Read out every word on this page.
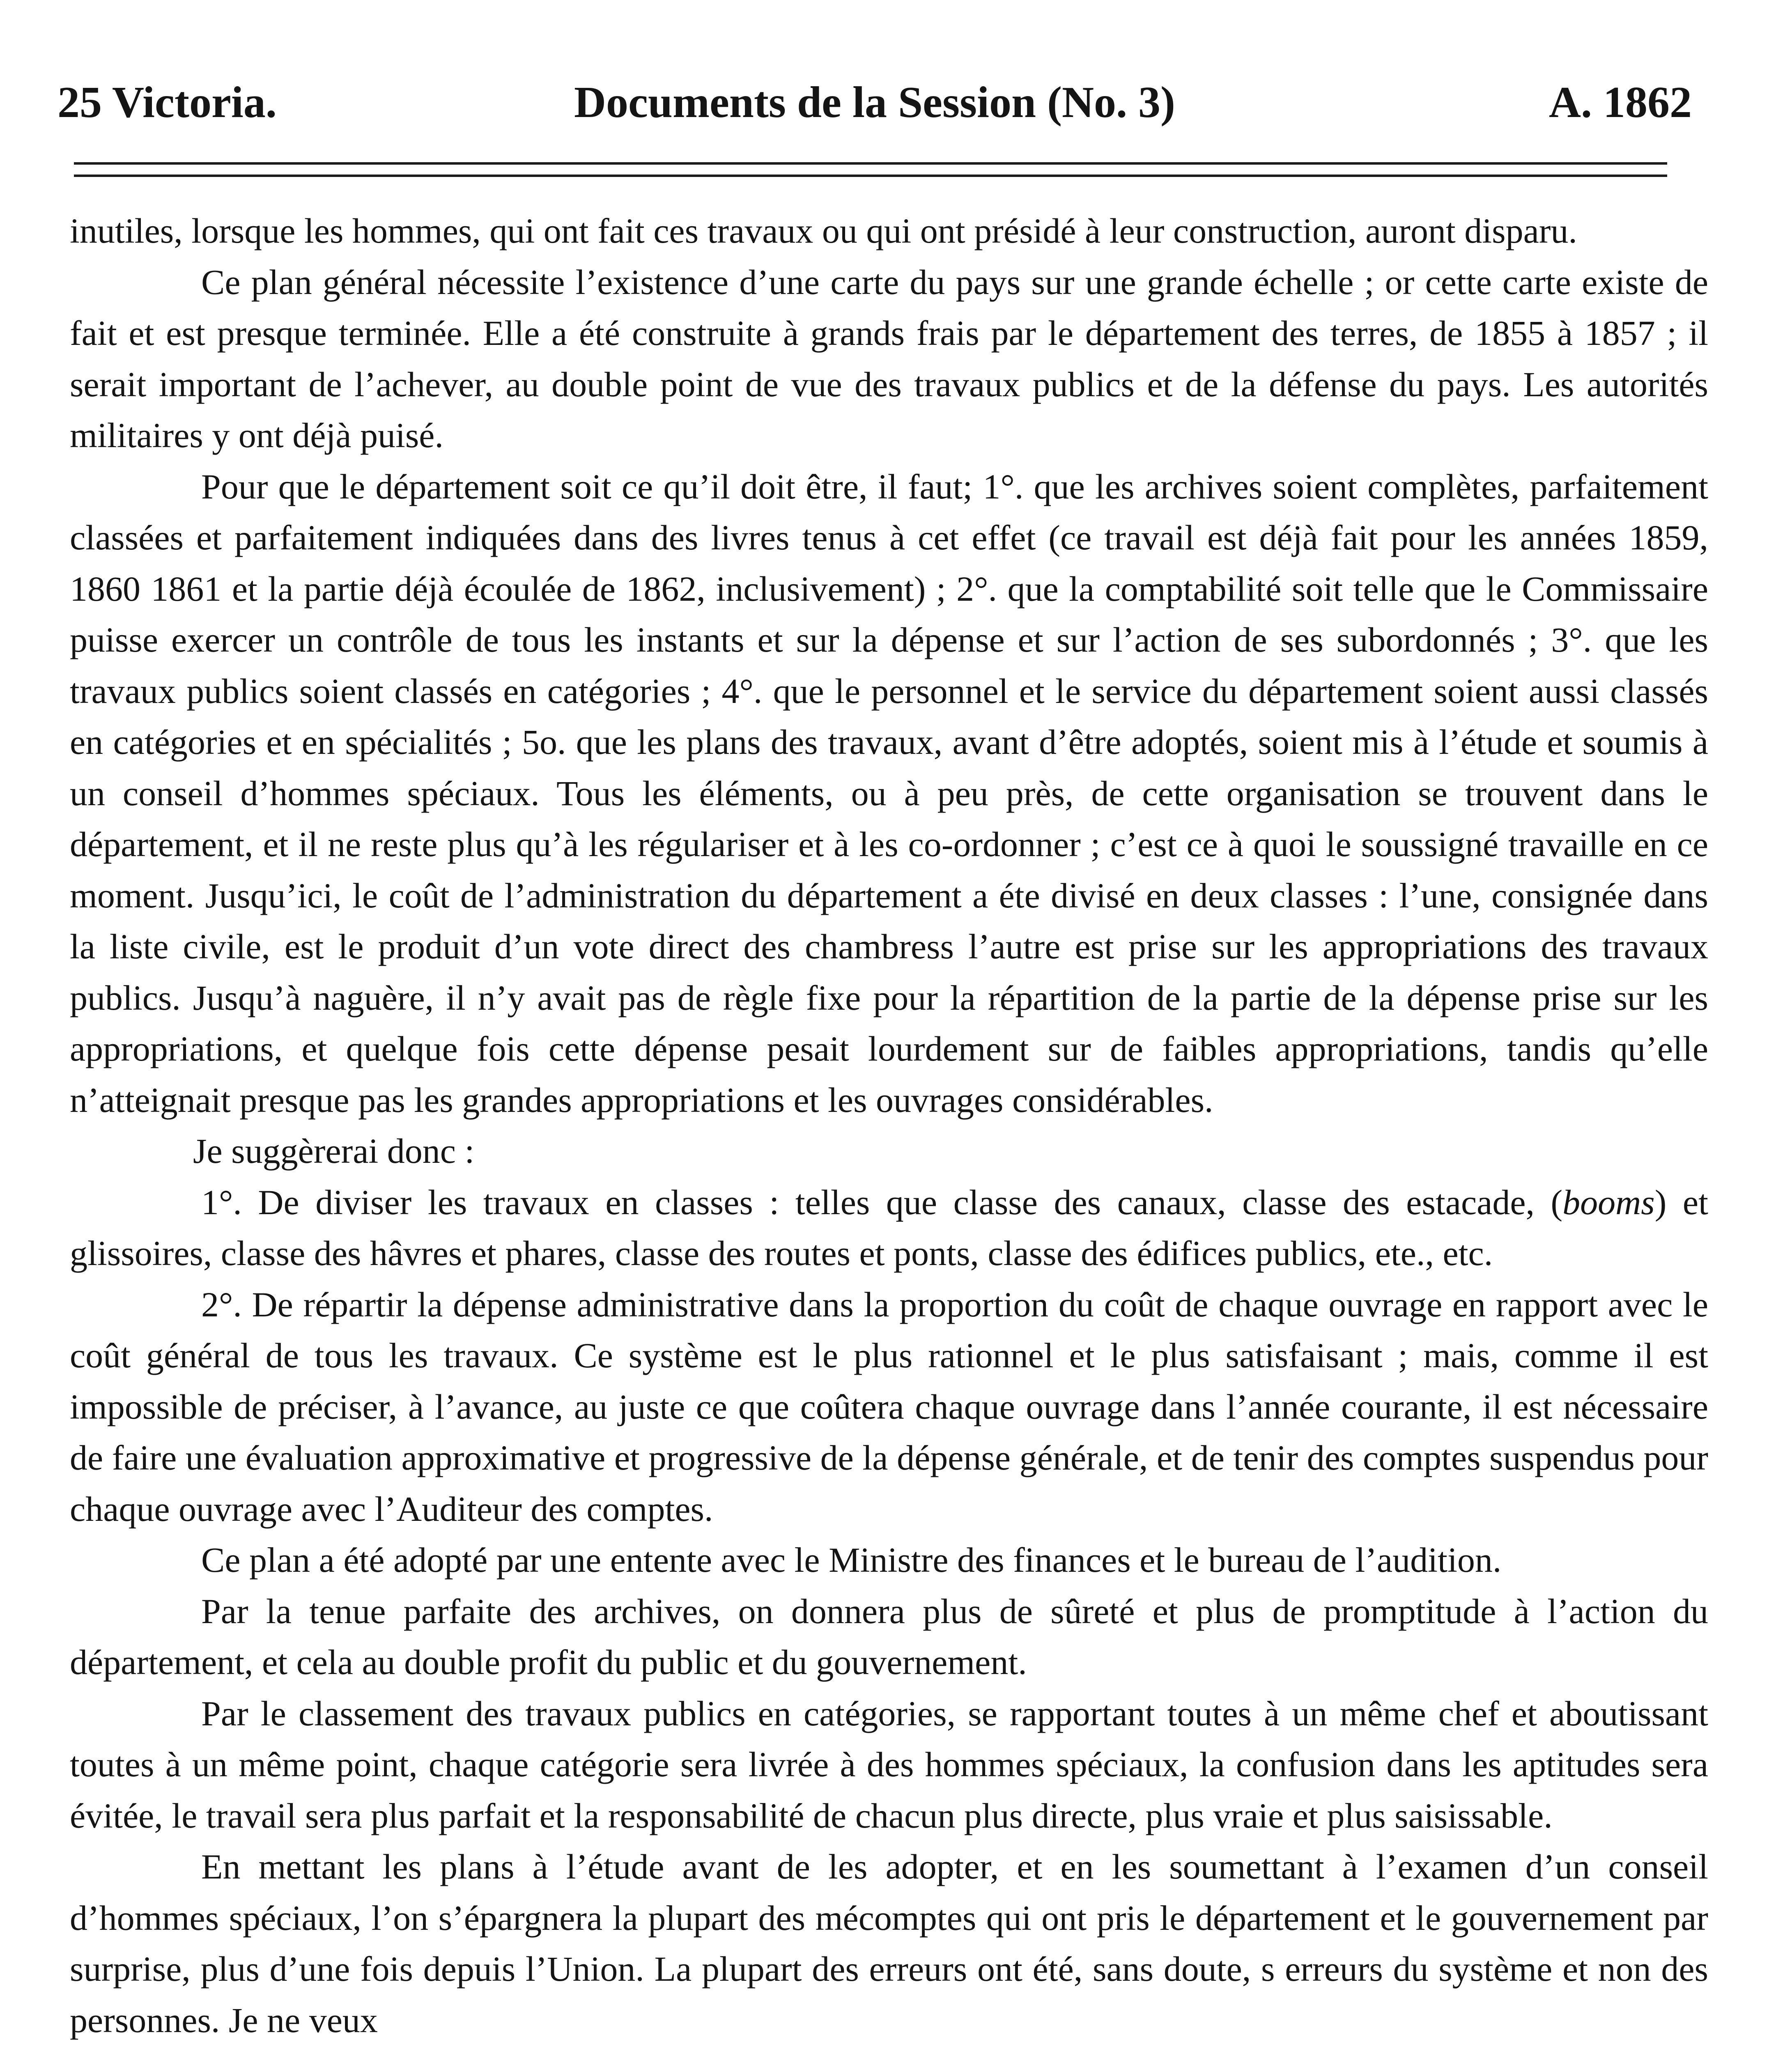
25 Victoria.	Documents de la Session (No. 3)	A. 1862

inutiles, lorsque les hommes, qui ont fait ces travaux ou qui ont présidé à leur construction, auront disparu.

Ce plan général nécessite l’existence d’une carte du pays sur une grande échelle ; or cette carte existe de fait et est presque terminée. Elle a été construite à grands frais par le département des terres, de 1855 à 1857 ; il serait important de l’achever, au double point de vue des travaux publics et de la défense du pays. Les autorités militaires y ont déjà puisé.

Pour que le département soit ce qu’il doit être, il faut; 1°. que les archives soient complètes, parfaitement classées et parfaitement indiquées dans des livres tenus à cet effet (ce travail est déjà fait pour les années 1859, 1860 1861 et la partie déjà écoulée de 1862, inclusivement) ; 2°. que la comptabilité soit telle que le Commissaire puisse exercer un contrôle de tous les instants et sur la dépense et sur l’action de ses subordonnés ; 3°. que les travaux publics soient classés en catégories ; 4°. que le personnel et le service du département soient aussi classés en catégories et en spécialités ; 5o. que les plans des travaux, avant d’être adoptés, soient mis à l’étude et soumis à un conseil d’hommes spéciaux. Tous les éléments, ou à peu près, de cette organisation se trouvent dans le département, et il ne reste plus qu’à les régulariser et à les co-ordonner ; c’est ce à quoi le soussigné travaille en ce moment. Jusqu’ici, le coût de l’administration du département a éte divisé en deux classes : l’une, consignée dans la liste civile, est le produit d’un vote direct des chambress l’autre est prise sur les appropriations des travaux publics. Jusqu’à naguère, il n’y avait pas de règle fixe pour la répartition de la partie de la dépense prise sur les appropriations, et quelque fois cette dépense pesait lourdement sur de faibles appropriations, tandis qu’elle n’atteignait presque pas les grandes appropriations et les ouvrages considérables.

Je suggèrerai donc :

1°. De diviser les travaux en classes : telles que classe des canaux, classe des estacade, (booms) et glissoires, classe des hâvres et phares, classe des routes et ponts, classe des édifices publics, ete., etc.

2°. De répartir la dépense administrative dans la proportion du coût de chaque ouvrage en rapport avec le coût général de tous les travaux. Ce système est le plus rationnel et le plus satisfaisant ; mais, comme il est impossible de préciser, à l’avance, au juste ce que coûtera chaque ouvrage dans l’année courante, il est nécessaire de faire une évaluation approximative et progressive de la dépense générale, et de tenir des comptes suspendus pour chaque ouvrage avec l’Auditeur des comptes.

Ce plan a été adopté par une entente avec le Ministre des finances et le bureau de l’audition.

Par la tenue parfaite des archives, on donnera plus de sûreté et plus de promptitude à l’action du département, et cela au double profit du public et du gouvernement.

Par le classement des travaux publics en catégories, se rapportant toutes à un même chef et aboutissant toutes à un même point, chaque catégorie sera livrée à des hommes spéciaux, la confusion dans les aptitudes sera évitée, le travail sera plus parfait et la responsabilité de chacun plus directe, plus vraie et plus saisissable.

En mettant les plans à l’étude avant de les adopter, et en les soumettant à l’examen d’un conseil d’hommes spéciaux, l’on s’épargnera la plupart des mécomptes qui ont pris le département et le gouvernement par surprise, plus d’une fois depuis l’Union. La plupart des erreurs ont été, sans doute, s erreurs du système et non des personnes. Je ne veux
